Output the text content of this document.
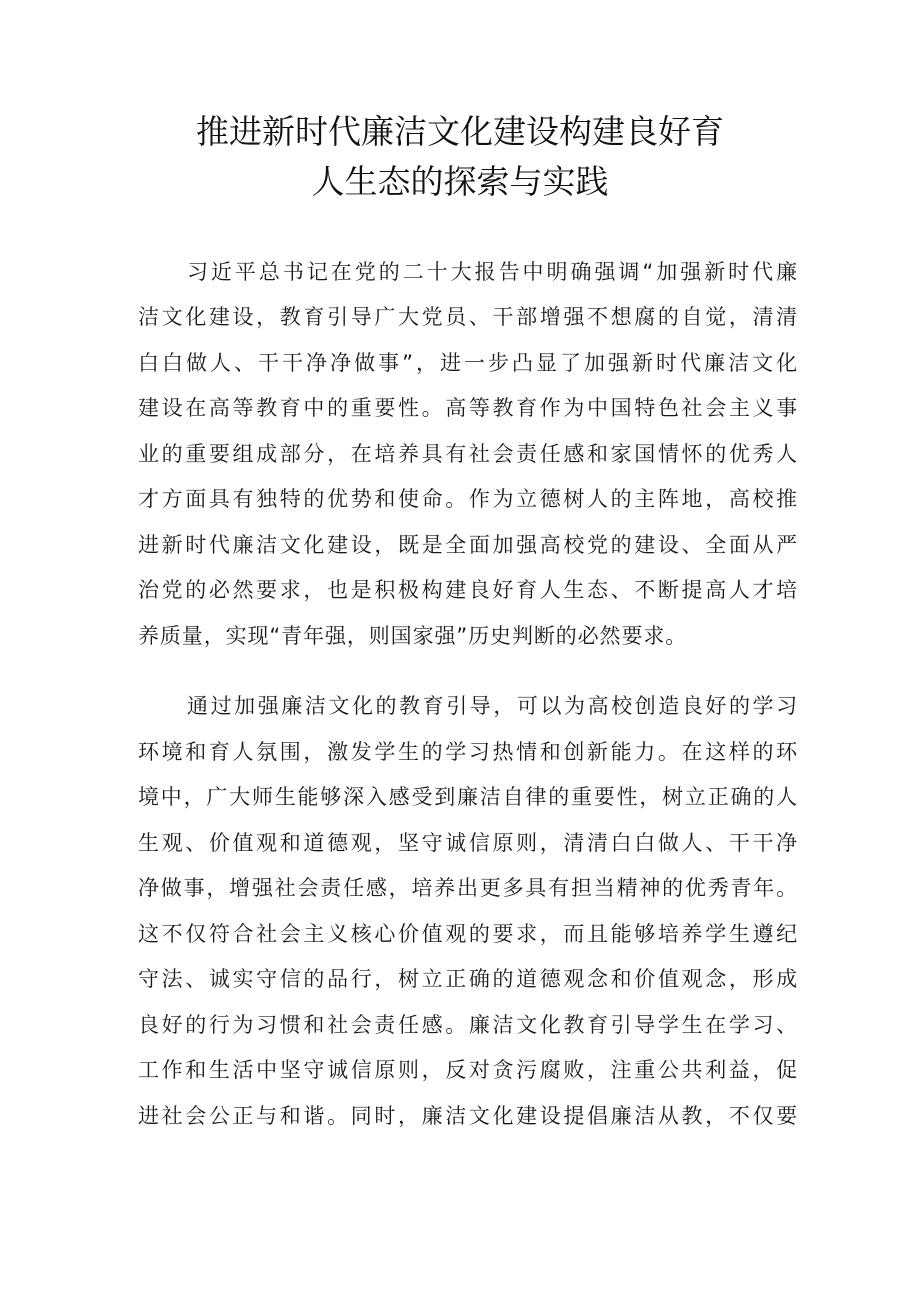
推进新时代廉洁文化建设构建良好育
人生态的探索与实践
习近平总书记在党的二十大报告中明确强调“加强新时代廉
洁文化建设，教育引导广大党员、干部增强不想腐的自觉，清清
白白做人、干干净净做事”，进一步凸显了加强新时代廉洁文化
建设在高等教育中的重要性。高等教育作为中国特色社会主义事
业的重要组成部分，在培养具有社会责任感和家国情怀的优秀人
才方面具有独特的优势和使命。作为立德树人的主阵地，高校推
进新时代廉洁文化建设，既是全面加强高校党的建设、全面从严
治党的必然要求，也是积极构建良好育人生态、不断提高人才培
养质量，实现“青年强，则国家强”历史判断的必然要求。
通过加强廉洁文化的教育引导，可以为高校创造良好的学习
环境和育人氛围，激发学生的学习热情和创新能力。在这样的环
境中，广大师生能够深入感受到廉洁自律的重要性，树立正确的人
生观、价值观和道德观，坚守诚信原则，清清白白做人、干干净
净做事，增强社会责任感，培养出更多具有担当精神的优秀青年。
这不仅符合社会主义核心价值观的要求，而且能够培养学生遵纪
守法、诚实守信的品行，树立正确的道德观念和价值观念，形成
良好的行为习惯和社会责任感。廉洁文化教育引导学生在学习、
工作和生活中坚守诚信原则，反对贪污腐败，注重公共利益，促
进社会公正与和谐。同时，廉洁文化建设提倡廉洁从教，不仅要
